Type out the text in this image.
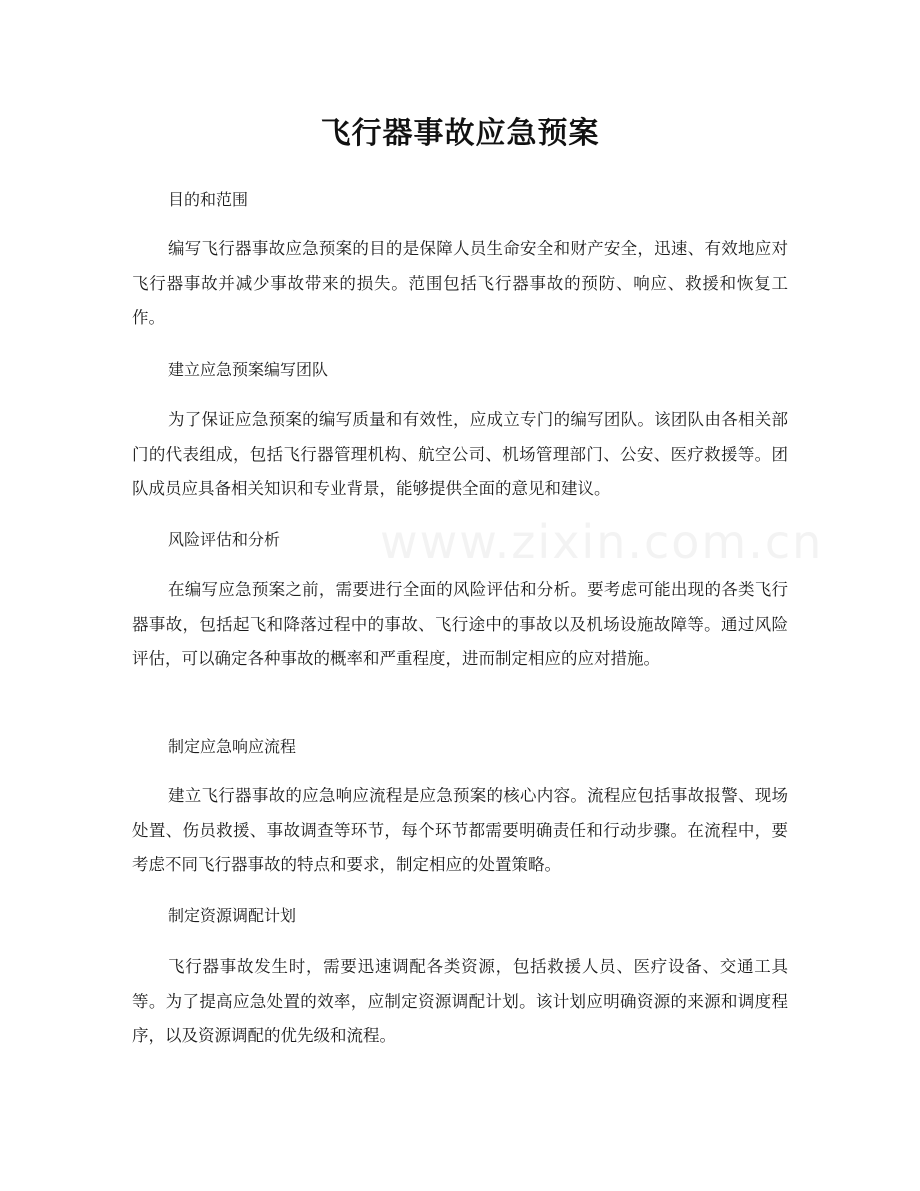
www.zixin.com.cn
飞行器事故应急预案
目的和范围

编写飞行器事故应急预案的目的是保障人员生命安全和财产安全，迅速、有效地应对飞行器事故并减少事故带来的损失。范围包括飞行器事故的预防、响应、救援和恢复工作。

建立应急预案编写团队

为了保证应急预案的编写质量和有效性，应成立专门的编写团队。该团队由各相关部门的代表组成，包括飞行器管理机构、航空公司、机场管理部门、公安、医疗救援等。团队成员应具备相关知识和专业背景，能够提供全面的意见和建议。

风险评估和分析

在编写应急预案之前，需要进行全面的风险评估和分析。要考虑可能出现的各类飞行器事故，包括起飞和降落过程中的事故、飞行途中的事故以及机场设施故障等。通过风险评估，可以确定各种事故的概率和严重程度，进而制定相应的应对措施。

制定应急响应流程

建立飞行器事故的应急响应流程是应急预案的核心内容。流程应包括事故报警、现场处置、伤员救援、事故调查等环节，每个环节都需要明确责任和行动步骤。在流程中，要考虑不同飞行器事故的特点和要求，制定相应的处置策略。

制定资源调配计划

飞行器事故发生时，需要迅速调配各类资源，包括救援人员、医疗设备、交通工具等。为了提高应急处置的效率，应制定资源调配计划。该计划应明确资源的来源和调度程序，以及资源调配的优先级和流程。
